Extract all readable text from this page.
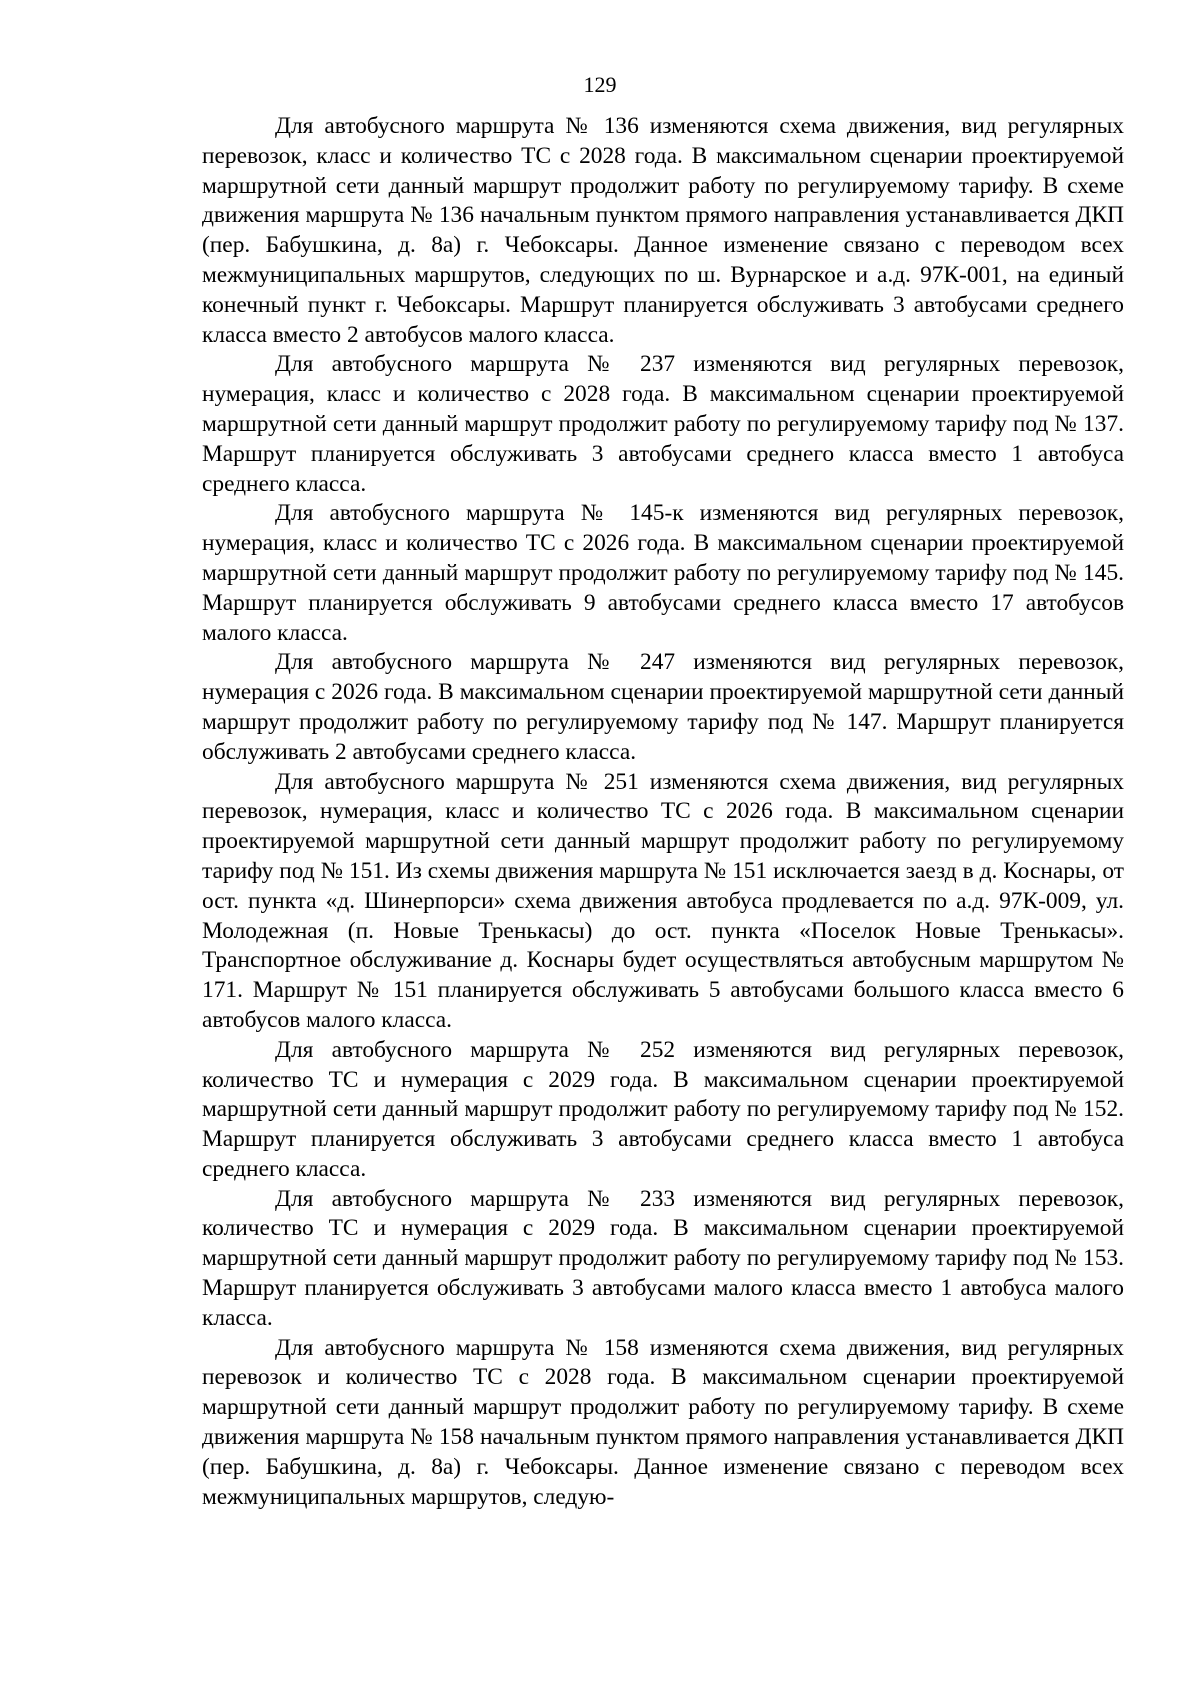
129

Для автобусного маршрута № 136 изменяются схема движения, вид регулярных перевозок, класс и количество ТС с 2028 года. В максимальном сценарии проектируемой маршрутной сети данный маршрут продолжит работу по регулируемому тарифу. В схеме движения маршрута № 136 начальным пунктом прямого направления устанавливается ДКП (пер. Бабушкина, д. 8а) г. Чебоксары. Данное изменение связано с переводом всех межмуниципальных маршрутов, следующих по ш. Вурнарское и а.д. 97К-001, на единый конечный пункт г. Чебоксары. Маршрут планируется обслуживать 3 автобусами среднего класса вместо 2 автобусов малого класса.

Для автобусного маршрута № 237 изменяются вид регулярных перевозок, нумерация, класс и количество с 2028 года. В максимальном сценарии проектируемой маршрутной сети данный маршрут продолжит работу по регулируемому тарифу под № 137. Маршрут планируется обслуживать 3 автобусами среднего класса вместо 1 автобуса среднего класса.

Для автобусного маршрута № 145-к изменяются вид регулярных перевозок, нумерация, класс и количество ТС с 2026 года. В максимальном сценарии проектируемой маршрутной сети данный маршрут продолжит работу по регулируемому тарифу под № 145. Маршрут планируется обслуживать 9 автобусами среднего класса вместо 17 автобусов малого класса.

Для автобусного маршрута № 247 изменяются вид регулярных перевозок, нумерация с 2026 года. В максимальном сценарии проектируемой маршрутной сети данный маршрут продолжит работу по регулируемому тарифу под № 147. Маршрут планируется обслуживать 2 автобусами среднего класса.

Для автобусного маршрута № 251 изменяются схема движения, вид регулярных перевозок, нумерация, класс и количество ТС с 2026 года. В максимальном сценарии проектируемой маршрутной сети данный маршрут продолжит работу по регулируемому тарифу под № 151. Из схемы движения маршрута № 151 исключается заезд в д. Коснары, от ост. пункта «д. Шинерпорси» схема движения автобуса продлевается по а.д. 97К-009, ул. Молодежная (п. Новые Тренькасы) до ост. пункта «Поселок Новые Тренькасы». Транспортное обслуживание д. Коснары будет осуществляться автобусным маршрутом № 171. Маршрут № 151 планируется обслуживать 5 автобусами большого класса вместо 6 автобусов малого класса.

Для автобусного маршрута № 252 изменяются вид регулярных перевозок, количество ТС и нумерация с 2029 года. В максимальном сценарии проектируемой маршрутной сети данный маршрут продолжит работу по регулируемому тарифу под № 152. Маршрут планируется обслуживать 3 автобусами среднего класса вместо 1 автобуса среднего класса.

Для автобусного маршрута № 233 изменяются вид регулярных перевозок, количество ТС и нумерация с 2029 года. В максимальном сценарии проектируемой маршрутной сети данный маршрут продолжит работу по регулируемому тарифу под № 153. Маршрут планируется обслуживать 3 автобусами малого класса вместо 1 автобуса малого класса.

Для автобусного маршрута № 158 изменяются схема движения, вид регулярных перевозок и количество ТС с 2028 года. В максимальном сценарии проектируемой маршрутной сети данный маршрут продолжит работу по регулируемому тарифу. В схеме движения маршрута № 158 начальным пунктом прямого направления устанавливается ДКП (пер. Бабушкина, д. 8а) г. Чебоксары. Данное изменение связано с переводом всех межмуниципальных маршрутов, следую-
